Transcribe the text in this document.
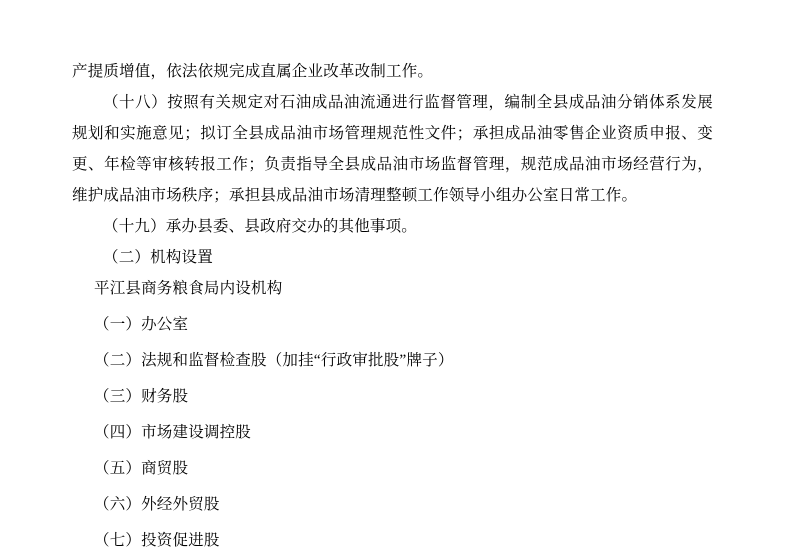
产提质增值，依法依规完成直属企业改革改制工作。

（十八）按照有关规定对石油成品油流通进行监督管理，编制全县成品油分销体系发展规划和实施意见；拟订全县成品油市场管理规范性文件；承担成品油零售企业资质申报、变更、年检等审核转报工作；负责指导全县成品油市场监督管理，规范成品油市场经营行为，维护成品油市场秩序；承担县成品油市场清理整顿工作领导小组办公室日常工作。

（十九）承办县委、县政府交办的其他事项。

（二）机构设置

平江县商务粮食局内设机构

（一）办公室

（二）法规和监督检查股（加挂“行政审批股”牌子）

（三）财务股

（四）市场建设调控股

（五）商贸股

（六）外经外贸股

（七）投资促进股
